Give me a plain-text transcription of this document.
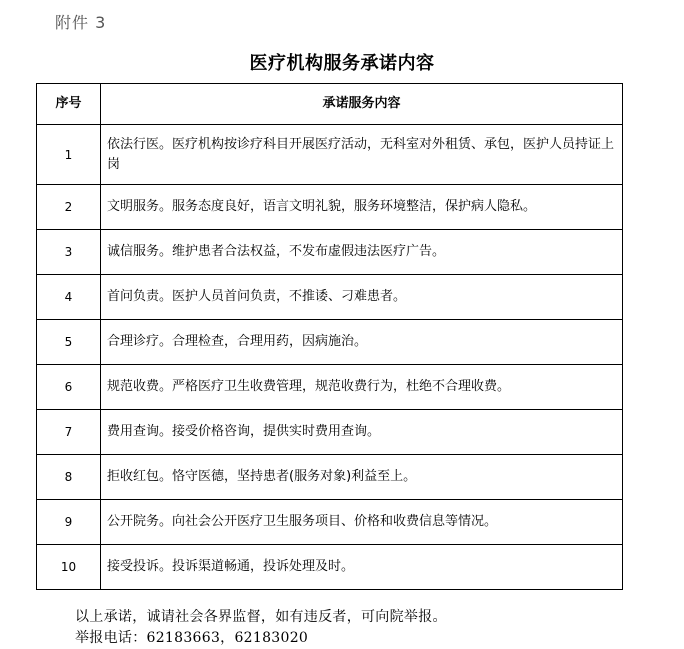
附件 3
医疗机构服务承诺内容
序号	承诺服务内容
1	依法行医。医疗机构按诊疗科目开展医疗活动，无科室对外租赁、承包，医护人员持证上岗
2	文明服务。服务态度良好，语言文明礼貌，服务环境整洁，保护病人隐私。
3	诚信服务。维护患者合法权益，不发布虚假违法医疗广告。
4	首问负责。医护人员首问负责，不推诿、刁难患者。
5	合理诊疗。合理检查，合理用药，因病施治。
6	规范收费。严格医疗卫生收费管理，规范收费行为，杜绝不合理收费。
7	费用查询。接受价格咨询，提供实时费用查询。
8	拒收红包。恪守医德，坚持患者(服务对象)利益至上。
9	公开院务。向社会公开医疗卫生服务项目、价格和收费信息等情况。
10	接受投诉。投诉渠道畅通，投诉处理及时。
以上承诺，诚请社会各界监督，如有违反者，可向院举报。
举报电话：62183663，62183020
